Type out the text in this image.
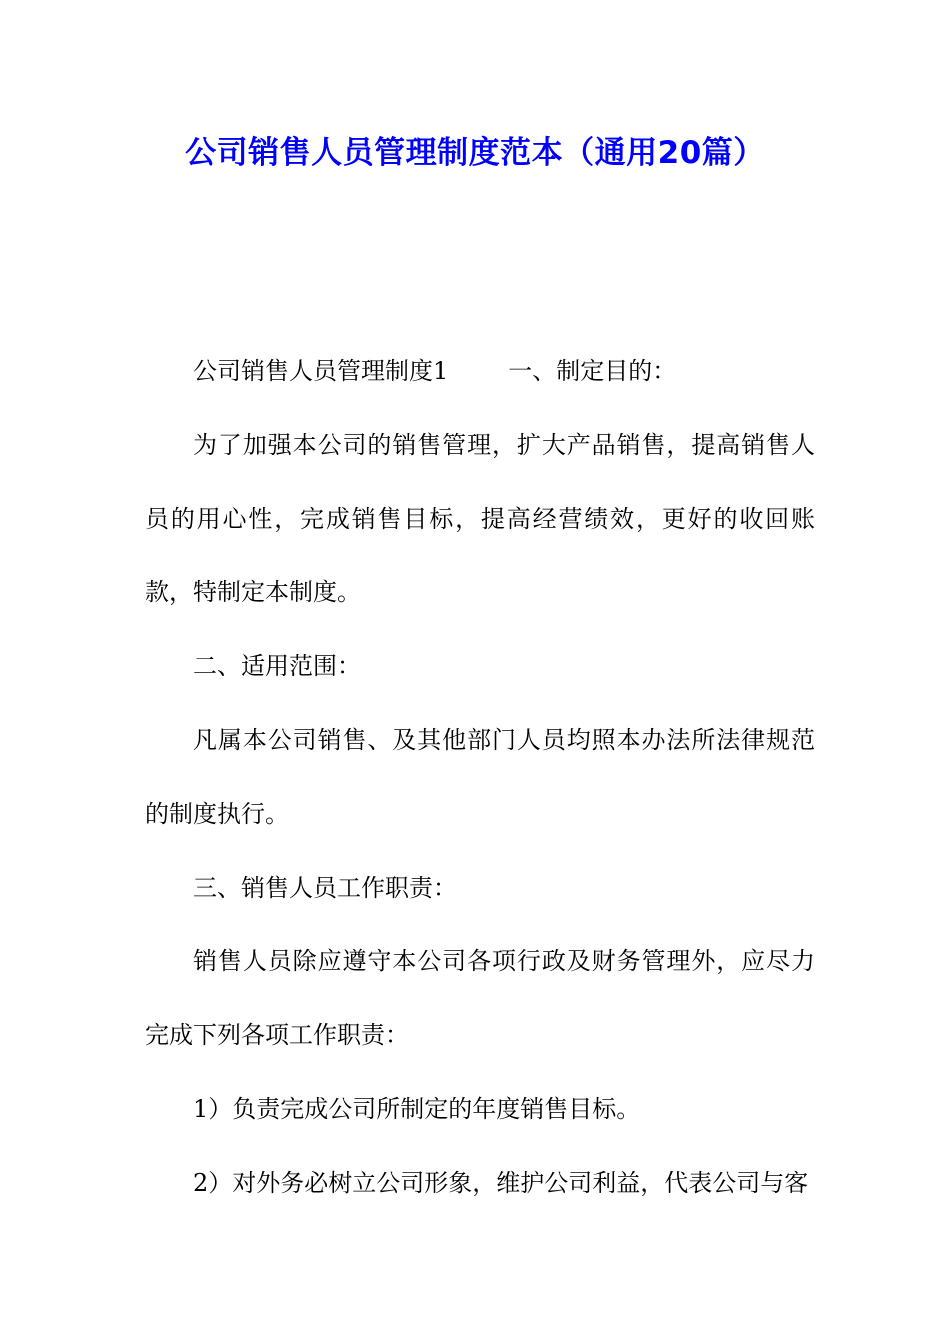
公司销售人员管理制度范本（通用20篇）

公司销售人员管理制度1	一、制定目的：

为了加强本公司的销售管理，扩大产品销售，提高销售人员的用心性，完成销售目标，提高经营绩效，更好的收回账款，特制定本制度。

二、适用范围：

凡属本公司销售、及其他部门人员均照本办法所法律规范的制度执行。

三、销售人员工作职责：

销售人员除应遵守本公司各项行政及财务管理外，应尽力完成下列各项工作职责：

1）负责完成公司所制定的年度销售目标。

2）对外务必树立公司形象，维护公司利益，代表公司与客
